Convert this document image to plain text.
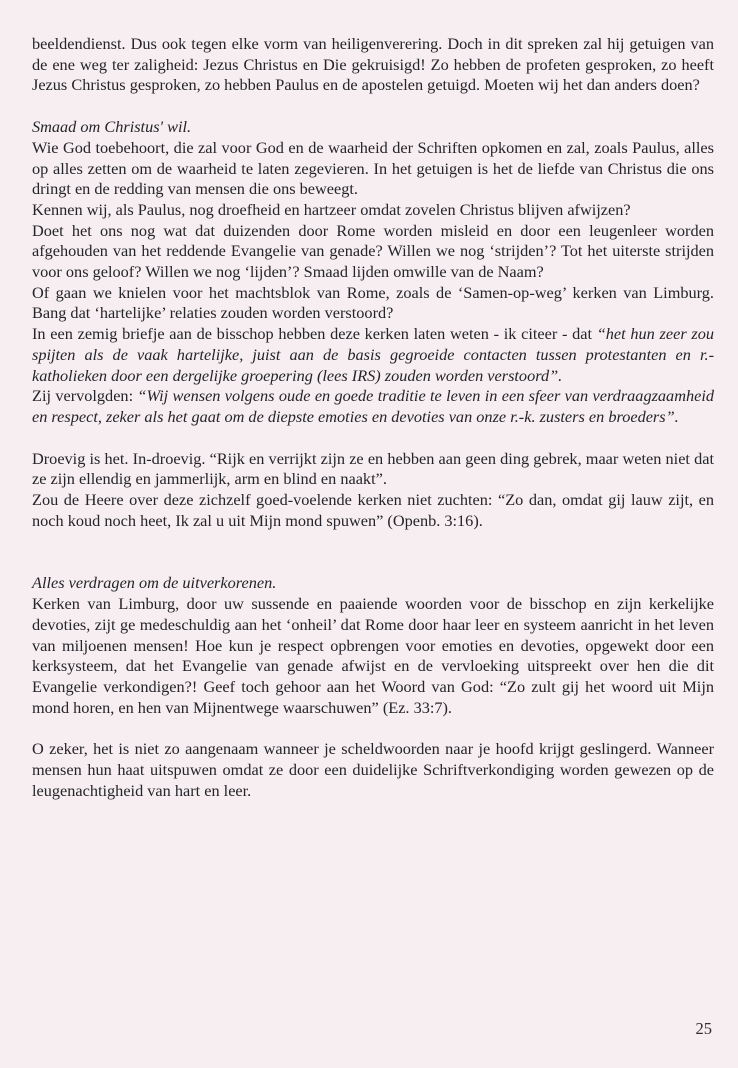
beeldendienst. Dus ook tegen elke vorm van heiligenverering. Doch in dit spreken zal hij getuigen van de ene weg ter zaligheid: Jezus Christus en Die gekruisigd! Zo hebben de profeten gesproken, zo heeft Jezus Christus gesproken, zo hebben Paulus en de apostelen getuigd. Moeten wij het dan anders doen?

Smaad om Christus' wil.

Wie God toebehoort, die zal voor God en de waarheid der Schriften opkomen en zal, zoals Paulus, alles op alles zetten om de waarheid te laten zegevieren. In het getuigen is het de liefde van Christus die ons dringt en de redding van mensen die ons beweegt.

Kennen wij, als Paulus, nog droefheid en hartzeer omdat zovelen Christus blijven afwijzen?

Doet het ons nog wat dat duizenden door Rome worden misleid en door een leugenleer worden afgehouden van het reddende Evangelie van genade? Willen we nog ‘strijden’? Tot het uiterste strijden voor ons geloof? Willen we nog ‘lijden’? Smaad lijden omwille van de Naam?

Of gaan we knielen voor het machtsblok van Rome, zoals de ‘Samen-op-weg’ kerken van Limburg. Bang dat ‘hartelijke’ relaties zouden worden verstoord?

In een zemig briefje aan de bisschop hebben deze kerken laten weten - ik citeer - dat “het hun zeer zou spijten als de vaak hartelijke, juist aan de basis gegroeide contacten tussen protestanten en r.-katholieken door een dergelijke groepering (lees IRS) zouden worden verstoord”.

Zij vervolgden: “Wij wensen volgens oude en goede traditie te leven in een sfeer van verdraagzaamheid en respect, zeker als het gaat om de diepste emoties en devoties van onze r.-k. zusters en broeders”.

Droevig is het. In-droevig. “Rijk en verrijkt zijn ze en hebben aan geen ding gebrek, maar weten niet dat ze zijn ellendig en jammerlijk, arm en blind en naakt”.

Zou de Heere over deze zichzelf goed-voelende kerken niet zuchten: “Zo dan, omdat gij lauw zijt, en noch koud noch heet, Ik zal u uit Mijn mond spuwen” (Openb. 3:16).

Alles verdragen om de uitverkorenen.

Kerken van Limburg, door uw sussende en paaiende woorden voor de bisschop en zijn kerkelijke devoties, zijt ge medeschuldig aan het ‘onheil’ dat Rome door haar leer en systeem aanricht in het leven van miljoenen mensen! Hoe kun je respect opbrengen voor emoties en devoties, opgewekt door een kerksysteem, dat het Evangelie van genade afwijst en de vervloeking uitspreekt over hen die dit Evangelie verkondigen?! Geef toch gehoor aan het Woord van God: “Zo zult gij het woord uit Mijn mond horen, en hen van Mijnentwege waarschuwen” (Ez. 33:7).

O zeker, het is niet zo aangenaam wanneer je scheldwoorden naar je hoofd krijgt geslingerd. Wanneer mensen hun haat uitspuwen omdat ze door een duidelijke Schriftverkondiging worden gewezen op de leugenachtigheid van hart en leer.

25
